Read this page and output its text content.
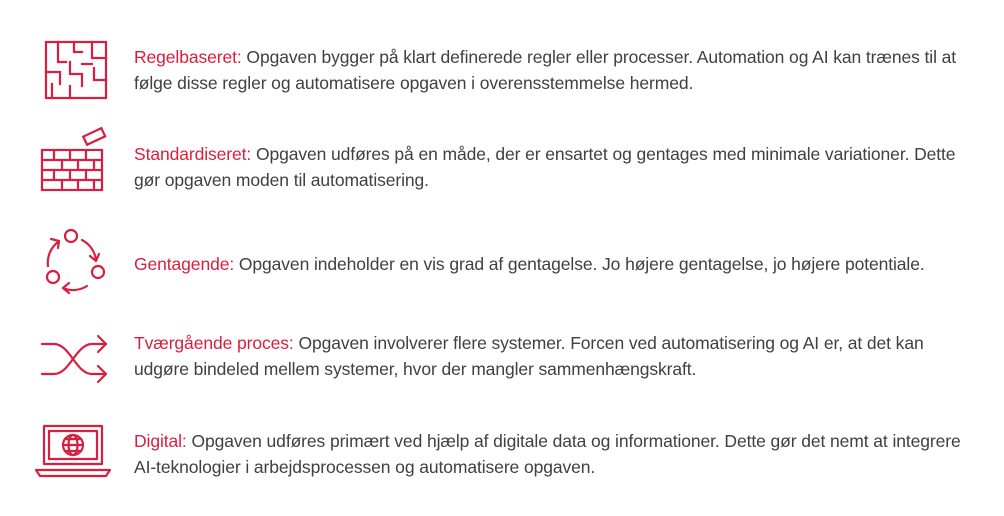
Regelbaseret: Opgaven bygger på klart definerede regler eller processer. Automation og AI kan trænes til at følge disse regler og automatisere opgaven i overensstemmelse hermed.
Standardiseret: Opgaven udføres på en måde, der er ensartet og gentages med minimale variationer. Dette gør opgaven moden til automatisering.
Gentagende: Opgaven indeholder en vis grad af gentagelse. Jo højere gentagelse, jo højere potentiale.
Tværgående proces: Opgaven involverer flere systemer. Forcen ved automatisering og AI er, at det kan udgøre bindeled mellem systemer, hvor der mangler sammenhængskraft.
Digital: Opgaven udføres primært ved hjælp af digitale data og informationer. Dette gør det nemt at integrere AI-teknologier i arbejdsprocessen og automatisere opgaven.
